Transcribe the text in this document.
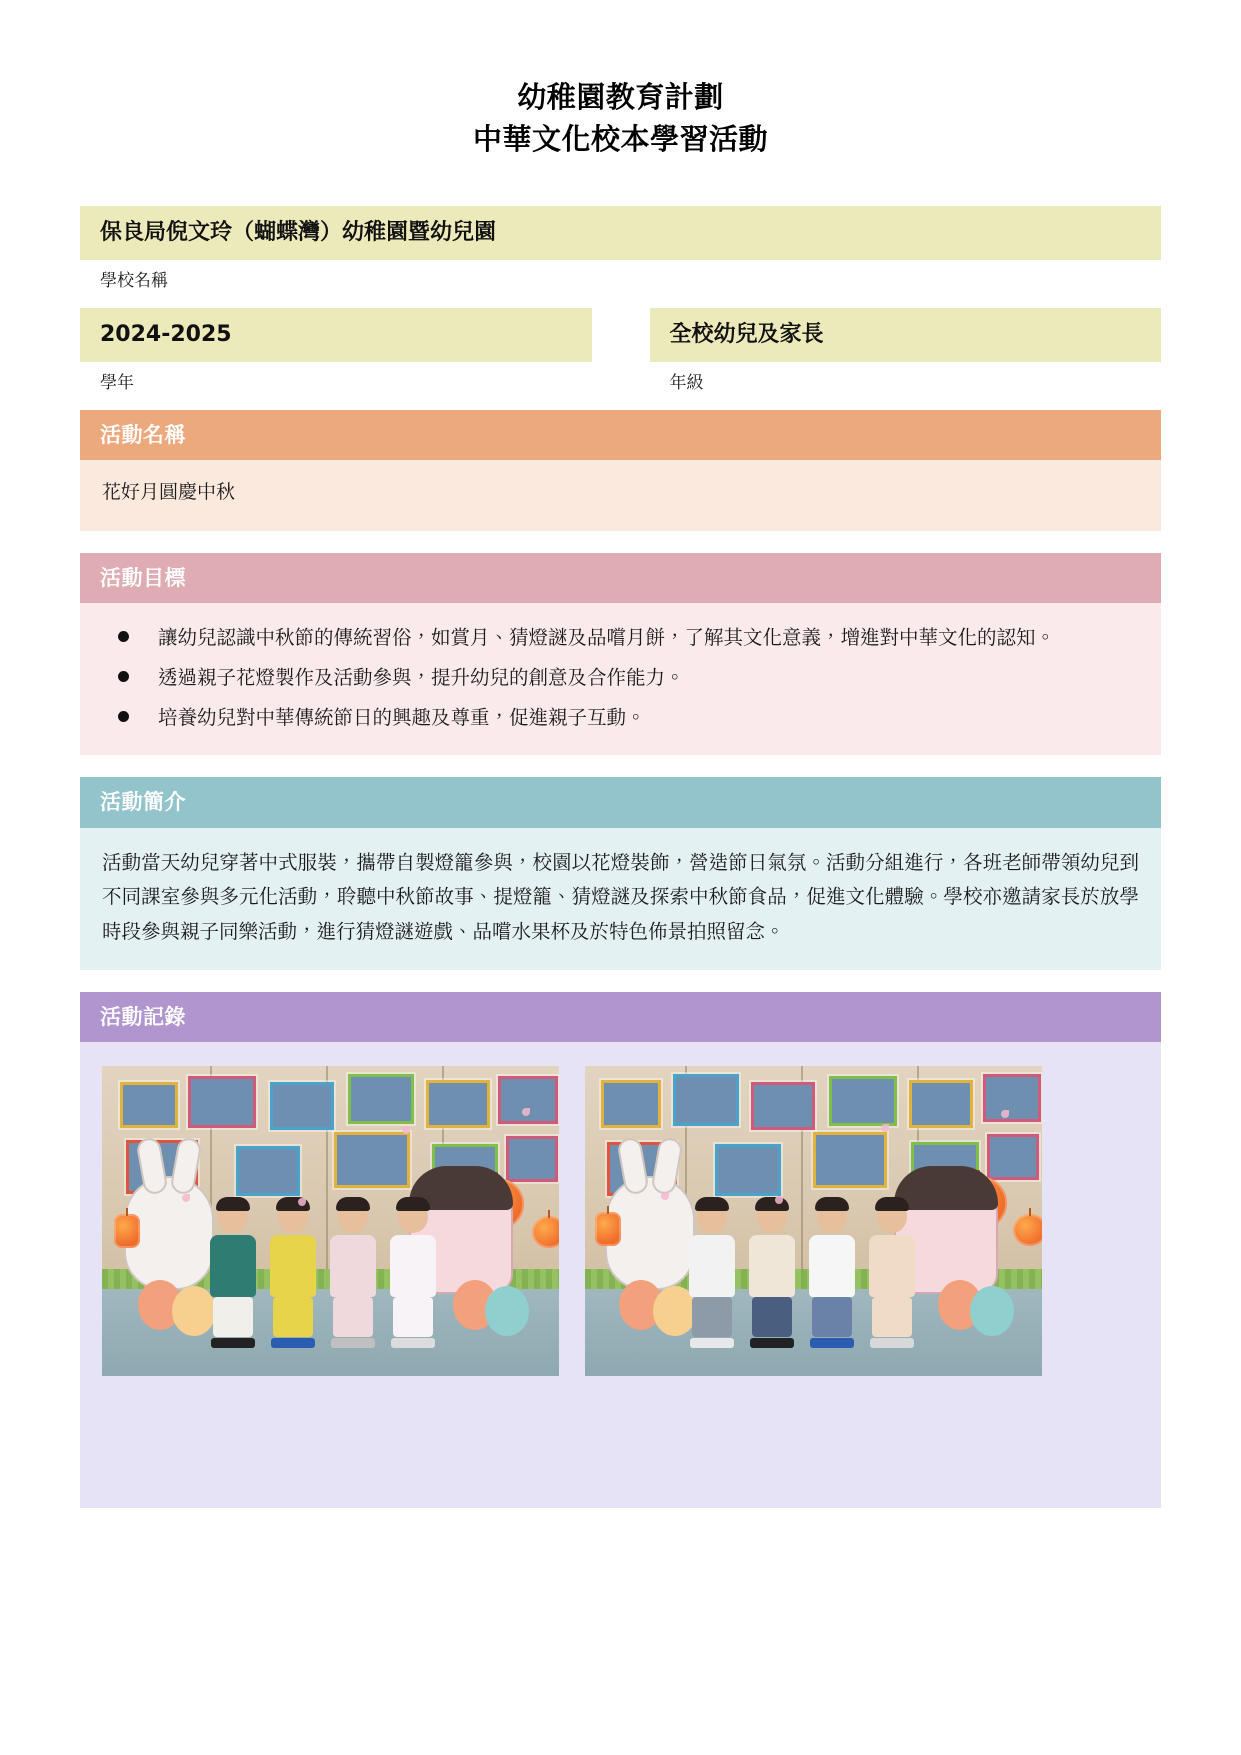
幼稚園教育計劃
中華文化校本學習活動
保良局倪文玲（蝴蝶灣）幼稚園暨幼兒園
學校名稱
2024-2025
學年
全校幼兒及家長
年級
活動名稱
花好月圓慶中秋
活動目標
讓幼兒認識中秋節的傳統習俗，如賞月、猜燈謎及品嚐月餅，了解其文化意義，增進對中華文化的認知。
透過親子花燈製作及活動參與，提升幼兒的創意及合作能力。
培養幼兒對中華傳統節日的興趣及尊重，促進親子互動。
活動簡介

活動當天幼兒穿著中式服裝，攜帶自製燈籠參與，校園以花燈裝飾，營造節日氣氛。活動分組進行，各班老師帶領幼兒到不同課室參與多元化活動，聆聽中秋節故事、提燈籠、猜燈謎及探索中秋節食品，促進文化體驗。學校亦邀請家長於放學時段參與親子同樂活動，進行猜燈謎遊戲、品嚐水果杯及於特色佈景拍照留念。

活動記錄
